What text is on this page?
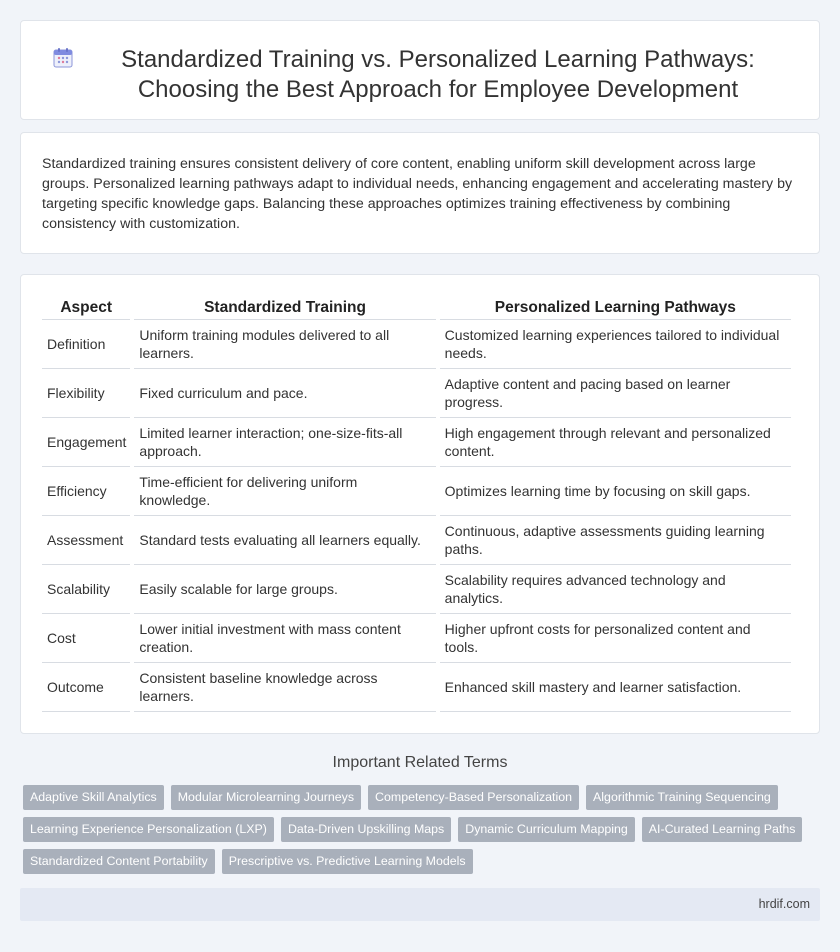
Standardized Training vs. Personalized Learning Pathways: Choosing the Best Approach for Employee Development

Standardized training ensures consistent delivery of core content, enabling uniform skill development across large groups. Personalized learning pathways adapt to individual needs, enhancing engagement and accelerating mastery by targeting specific knowledge gaps. Balancing these approaches optimizes training effectiveness by combining consistency with customization.

Aspect	Standardized Training	Personalized Learning Pathways
Definition	Uniform training modules delivered to all learners.	Customized learning experiences tailored to individual needs.
Flexibility	Fixed curriculum and pace.	Adaptive content and pacing based on learner progress.
Engagement	Limited learner interaction; one-size-fits-all approach.	High engagement through relevant and personalized content.
Efficiency	Time-efficient for delivering uniform knowledge.	Optimizes learning time by focusing on skill gaps.
Assessment	Standard tests evaluating all learners equally.	Continuous, adaptive assessments guiding learning paths.
Scalability	Easily scalable for large groups.	Scalability requires advanced technology and analytics.
Cost	Lower initial investment with mass content creation.	Higher upfront costs for personalized content and tools.
Outcome	Consistent baseline knowledge across learners.	Enhanced skill mastery and learner satisfaction.
Important Related Terms
Adaptive Skill Analytics	Modular Microlearning Journeys	Competency-Based Personalization	Algorithmic Training Sequencing
Learning Experience Personalization (LXP)	Data-Driven Upskilling Maps	Dynamic Curriculum Mapping	AI-Curated Learning Paths
Standardized Content Portability	Prescriptive vs. Predictive Learning Models
hrdif.com
